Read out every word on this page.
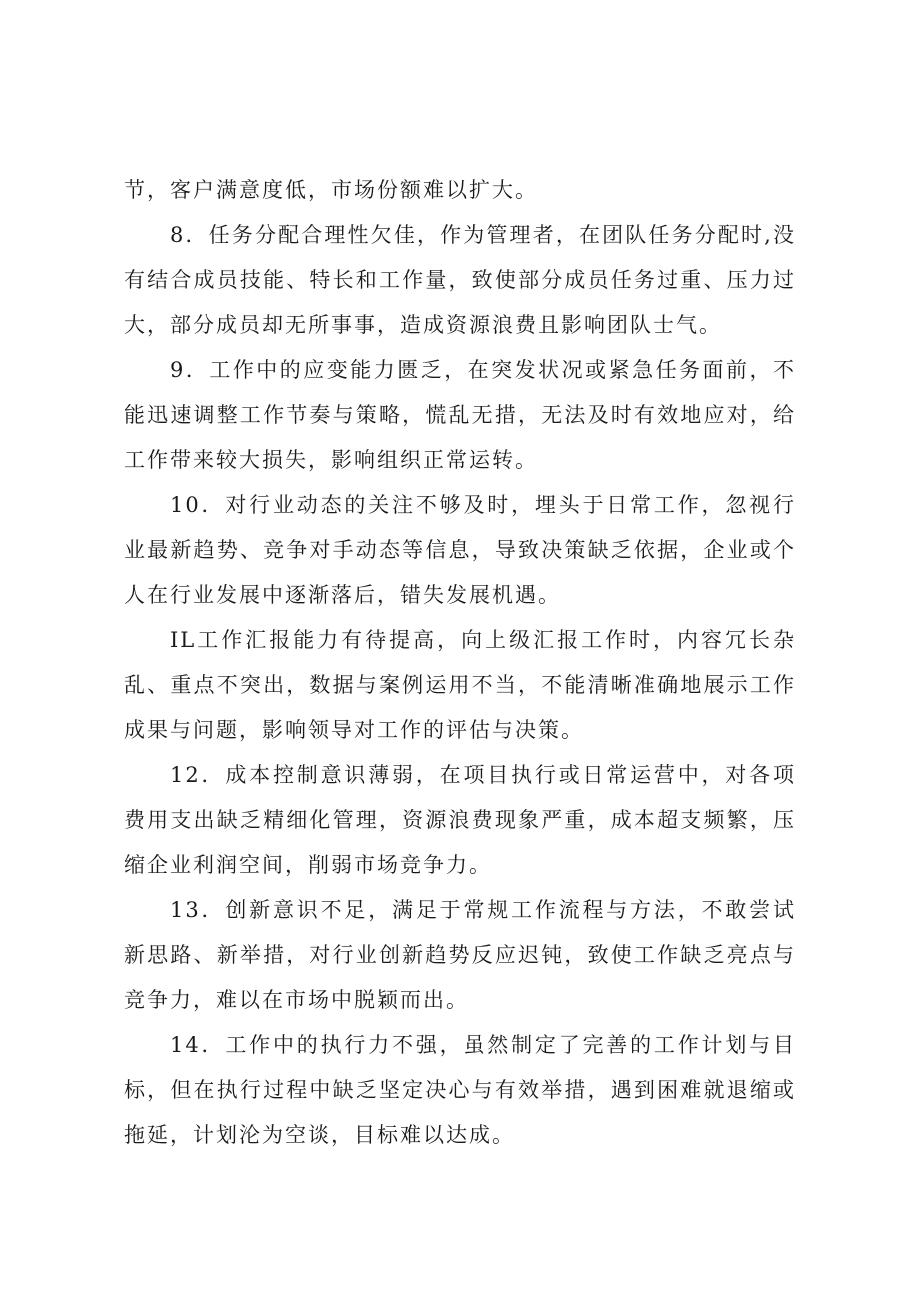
节，客户满意度低，市场份额难以扩大。

8．任务分配合理性欠佳，作为管理者，在团队任务分配时,没有结合成员技能、特长和工作量，致使部分成员任务过重、压力过大，部分成员却无所事事，造成资源浪费且影响团队士气。

9．工作中的应变能力匮乏，在突发状况或紧急任务面前，不能迅速调整工作节奏与策略，慌乱无措，无法及时有效地应对，给工作带来较大损失，影响组织正常运转。

10．对行业动态的关注不够及时，埋头于日常工作，忽视行业最新趋势、竞争对手动态等信息，导致决策缺乏依据，企业或个人在行业发展中逐渐落后，错失发展机遇。

IL工作汇报能力有待提高，向上级汇报工作时，内容冗长杂乱、重点不突出，数据与案例运用不当，不能清晰准确地展示工作成果与问题，影响领导对工作的评估与决策。

12．成本控制意识薄弱，在项目执行或日常运营中，对各项费用支出缺乏精细化管理，资源浪费现象严重，成本超支频繁，压缩企业利润空间，削弱市场竞争力。

13．创新意识不足，满足于常规工作流程与方法，不敢尝试新思路、新举措，对行业创新趋势反应迟钝，致使工作缺乏亮点与竞争力，难以在市场中脱颖而出。

14．工作中的执行力不强，虽然制定了完善的工作计划与目标，但在执行过程中缺乏坚定决心与有效举措，遇到困难就退缩或拖延，计划沦为空谈，目标难以达成。
